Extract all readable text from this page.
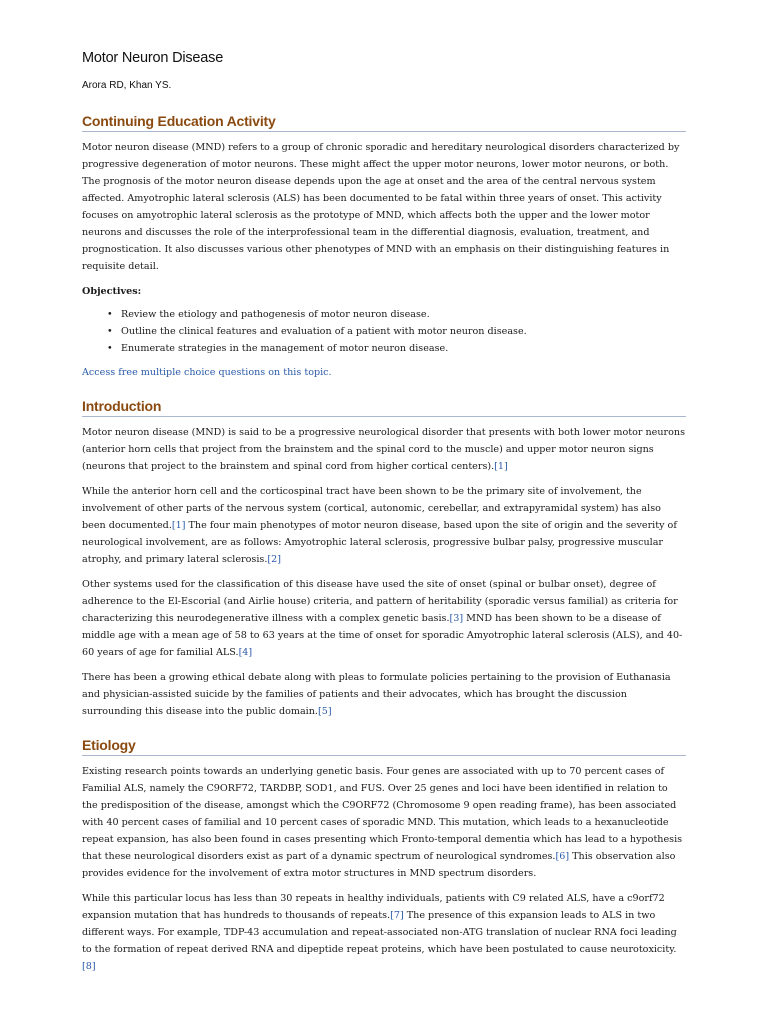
Motor Neuron Disease
Arora RD, Khan YS.
Continuing Education Activity

Motor neuron disease (MND) refers to a group of chronic sporadic and hereditary neurological disorders characterized by progressive degeneration of motor neurons. These might affect the upper motor neurons, lower motor neurons, or both. The prognosis of the motor neuron disease depends upon the age at onset and the area of the central nervous system affected. Amyotrophic lateral sclerosis (ALS) has been documented to be fatal within three years of onset. This activity focuses on amyotrophic lateral sclerosis as the prototype of MND, which affects both the upper and the lower motor neurons and discusses the role of the interprofessional team in the differential diagnosis, evaluation, treatment, and prognostication. It also discusses various other phenotypes of MND with an emphasis on their distinguishing features in requisite detail.

Objectives:

• Review the etiology and pathogenesis of motor neuron disease.
• Outline the clinical features and evaluation of a patient with motor neuron disease.
• Enumerate strategies in the management of motor neuron disease.

Access free multiple choice questions on this topic.

Introduction

Motor neuron disease (MND) is said to be a progressive neurological disorder that presents with both lower motor neurons (anterior horn cells that project from the brainstem and the spinal cord to the muscle) and upper motor neuron signs (neurons that project to the brainstem and spinal cord from higher cortical centers).[1]

While the anterior horn cell and the corticospinal tract have been shown to be the primary site of involvement, the involvement of other parts of the nervous system (cortical, autonomic, cerebellar, and extrapyramidal system) has also been documented.[1] The four main phenotypes of motor neuron disease, based upon the site of origin and the severity of neurological involvement, are as follows: Amyotrophic lateral sclerosis, progressive bulbar palsy, progressive muscular atrophy, and primary lateral sclerosis.[2]

Other systems used for the classification of this disease have used the site of onset (spinal or bulbar onset), degree of adherence to the El-Escorial (and Airlie house) criteria, and pattern of heritability (sporadic versus familial) as criteria for characterizing this neurodegenerative illness with a complex genetic basis.[3] MND has been shown to be a disease of middle age with a mean age of 58 to 63 years at the time of onset for sporadic Amyotrophic lateral sclerosis (ALS), and 40-60 years of age for familial ALS.[4]

There has been a growing ethical debate along with pleas to formulate policies pertaining to the provision of Euthanasia and physician-assisted suicide by the families of patients and their advocates, which has brought the discussion surrounding this disease into the public domain.[5]

Etiology

Existing research points towards an underlying genetic basis. Four genes are associated with up to 70 percent cases of Familial ALS, namely the C9ORF72, TARDBP, SOD1, and FUS. Over 25 genes and loci have been identified in relation to the predisposition of the disease, amongst which the C9ORF72 (Chromosome 9 open reading frame), has been associated with 40 percent cases of familial and 10 percent cases of sporadic MND. This mutation, which leads to a hexanucleotide repeat expansion, has also been found in cases presenting which Fronto-temporal dementia which has lead to a hypothesis that these neurological disorders exist as part of a dynamic spectrum of neurological syndromes.[6] This observation also provides evidence for the involvement of extra motor structures in MND spectrum disorders.

While this particular locus has less than 30 repeats in healthy individuals, patients with C9 related ALS, have a c9orf72 expansion mutation that has hundreds to thousands of repeats.[7] The presence of this expansion leads to ALS in two different ways. For example, TDP-43 accumulation and repeat-associated non-ATG translation of nuclear RNA foci leading to the formation of repeat derived RNA and dipeptide repeat proteins, which have been postulated to cause neurotoxicity.
[8]
